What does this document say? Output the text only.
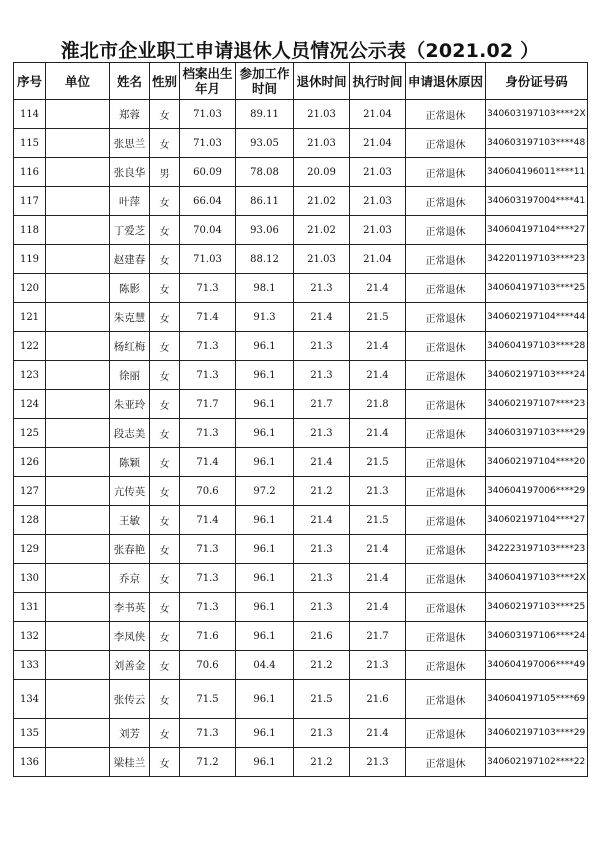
淮北市企业职工申请退休人员情况公示表（2021.02 ）
序号	单位	姓名	性别	档案出生年月	参加工作时间	退休时间	执行时间	申请退休原因	身份证号码
114		郑蓉	女	71.03	89.11	21.03	21.04	正常退休	340603197103****2X
115		张思兰	女	71.03	93.05	21.03	21.04	正常退休	340603197103****48
116		张良华	男	60.09	78.08	20.09	21.03	正常退休	340604196011****11
117		叶萍	女	66.04	86.11	21.02	21.03	正常退休	340603197004****41
118		丁爱芝	女	70.04	93.06	21.02	21.03	正常退休	340604197104****27
119		赵建春	女	71.03	88.12	21.03	21.04	正常退休	342201197103****23
120		陈影	女	71.3	98.1	21.3	21.4	正常退休	340604197103****25
121		朱克慧	女	71.4	91.3	21.4	21.5	正常退休	340602197104****44
122		杨红梅	女	71.3	96.1	21.3	21.4	正常退休	340604197103****28
123		徐丽	女	71.3	96.1	21.3	21.4	正常退休	340602197103****24
124		朱亚玲	女	71.7	96.1	21.7	21.8	正常退休	340602197107****23
125		段志美	女	71.3	96.1	21.3	21.4	正常退休	340603197103****29
126		陈颖	女	71.4	96.1	21.4	21.5	正常退休	340602197104****20
127		亢传英	女	70.6	97.2	21.2	21.3	正常退休	340604197006****29
128		王敏	女	71.4	96.1	21.4	21.5	正常退休	340602197104****27
129		张春艳	女	71.3	96.1	21.3	21.4	正常退休	342223197103****23
130		乔京	女	71.3	96.1	21.3	21.4	正常退休	340604197103****2X
131		李书英	女	71.3	96.1	21.3	21.4	正常退休	340602197103****25
132		李凤侠	女	71.6	96.1	21.6	21.7	正常退休	340603197106****24
133		刘善金	女	70.6	04.4	21.2	21.3	正常退休	340604197006****49
134		张传云	女	71.5	96.1	21.5	21.6	正常退休	340604197105****69
135		刘芳	女	71.3	96.1	21.3	21.4	正常退休	340602197103****29
136		梁桂兰	女	71.2	96.1	21.2	21.3	正常退休	340602197102****22
